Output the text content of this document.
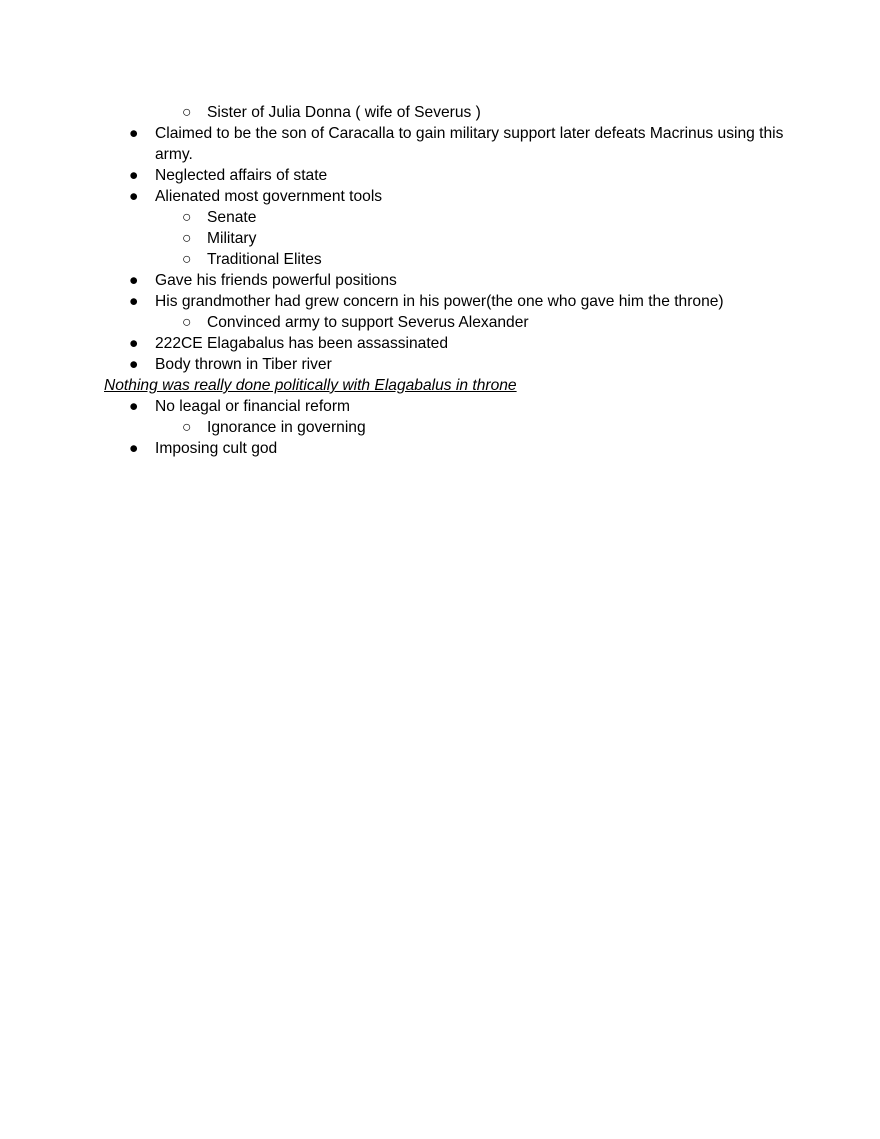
○ Sister of Julia Donna ( wife of Severus )
● Claimed to be the son of Caracalla to gain military support later defeats Macrinus using this army.
● Neglected affairs of state
● Alienated most government tools
○ Senate
○ Military
○ Traditional Elites
● Gave his friends powerful positions
● His grandmother had grew concern in his power(the one who gave him the throne)
○ Convinced army to support Severus Alexander
● 222CE Elagabalus has been assassinated
● Body thrown in Tiber river
Nothing was really done politically with Elagabalus in throne
● No leagal or financial reform
○ Ignorance in governing
● Imposing cult god
